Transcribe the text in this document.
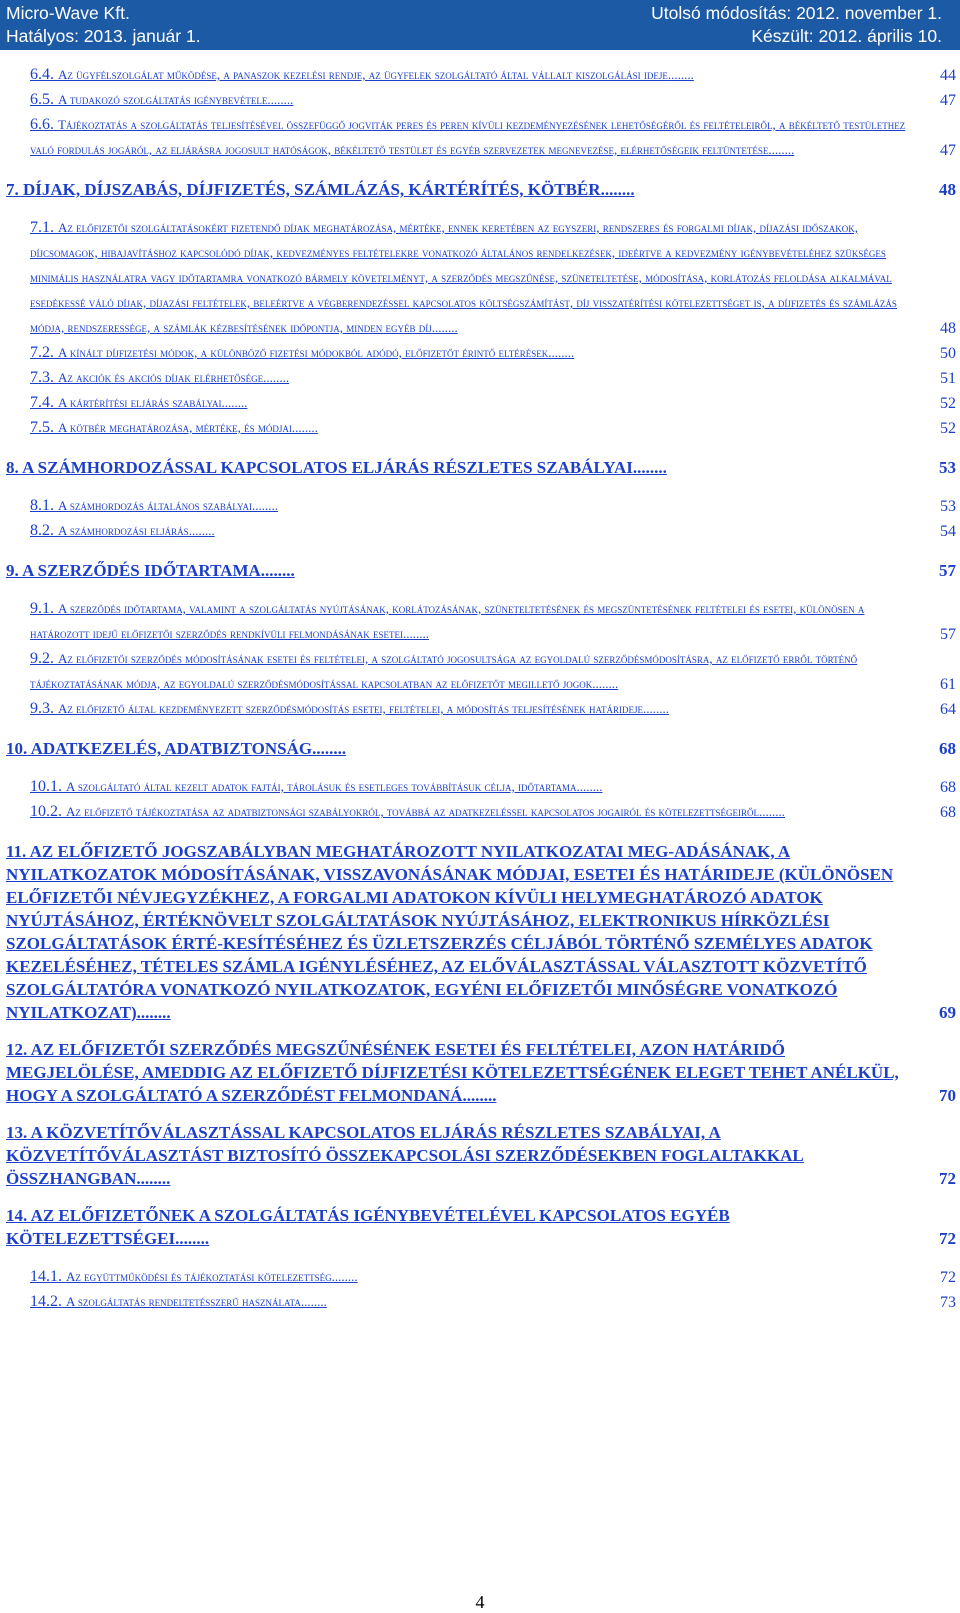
Micro-Wave Kft.
Hatályos: 2013. január 1.
Utolsó módosítás: 2012. november 1.
Készült: 2012. április 10.
6.4. Az ügyfélszolgálat működése, a panaszok kezelési rendje, az ügyfelek szolgáltató által vállalt kiszolgálási ideje........	44
6.5. A tudakozó szolgáltatás igénybevétele........	47
6.6. Tájékoztatás a szolgáltatás teljesítésével összefüggő jogviták peres és peren kívüli kezdeményezésének lehetőségéről és feltételeiről, a békéltető testülethez való fordulás jogáról, az eljárásra jogosult hatóságok, békéltető testület és egyéb szervezetek megnevezése, elérhetőségeik feltüntetése........	47
7. DÍJAK, DÍJSZABÁS, DÍJFIZETÉS, SZÁMLÁZÁS, KÁRTÉRÍTÉS, KÖTBÉR........	48
7.1. Az előfizetői szolgáltatásokért fizetendő díjak meghatározása, mértéke, ennek keretében az egyszeri, rendszeres és forgalmi díjak, díjazási időszakok, díjcsomagok, hibajavításhoz kapcsolódó díjak, kedvezményes feltételekre vonatkozó általános rendelkezések, ideértve a kedvezmény igénybevételéhez szükséges minimális használatra vagy időtartamra vonatkozó bármely követelményt, a szerződés megszűnése, szüneteltetése, módosítása, korlátozás feloldása alkalmával esedékessé váló díjak, díjazási feltételek, beleértve a végberendezéssel kapcsolatos költségszámítást, díj visszatérítési kötelezettséget is, a díjfizetés és számlázás módja, rendszeressége, a számlák kézbesítésének időpontja, minden egyéb díj........	48
7.2. A kínált díjfizetési módok, a különböző fizetési módokból adódó, előfizetőt érintő eltérések........	50
7.3. Az akciók és akciós díjak elérhetősége........	51
7.4. A kártérítési eljárás szabályai........	52
7.5. A kötbér meghatározása, mértéke, és módjai........	52
8. A SZÁMHORDOZÁSSAL KAPCSOLATOS ELJÁRÁS RÉSZLETES SZABÁLYAI........	53
8.1. A számhordozás általános szabályai........	53
8.2. A számhordozási eljárás........	54
9. A SZERZŐDÉS IDŐTARTAMA........	57
9.1. A szerződés időtartama, valamint a szolgáltatás nyújtásának, korlátozásának, szüneteltetésének és megszüntetésének feltételei és esetei, különösen a határozott idejű előfizetői szerződés rendkívüli felmondásának esetei........	57
9.2. Az előfizetői szerződés módosításának esetei és feltételei, a szolgáltató jogosultsága az egyoldalú szerződésmódosításra, az előfizető erről történő tájékoztatásának módja, az egyoldalú szerződésmódosítással kapcsolatban az előfizetőt megillető jogok........	61
9.3. Az előfizető által kezdeményezett szerződésmódosítás esetei, feltételei, a módosítás teljesítésének határideje........	64
10. ADATKEZELÉS, ADATBIZTONSÁG........	68
10.1. A szolgáltató által kezelt adatok fajtái, tárolásuk és esetleges továbbításuk célja, időtartama........	68
10.2. Az előfizető tájékoztatása az adatbiztonsági szabályokról, továbbá az adatkezeléssel kapcsolatos jogairól és kötelezettségeiről........	68
11. AZ ELŐFIZETŐ JOGSZABÁLYBAN MEGHATÁROZOTT NYILATKOZATAI MEG-ADÁSÁNAK, A NYILATKOZATOK MÓDOSÍTÁSÁNAK, VISSZAVONÁSÁNAK MÓDJAI, ESETEI ÉS HATÁRIDEJE (KÜLÖNÖSEN ELŐFIZETŐI NÉVJEGYZÉKHEZ, A FORGALMI ADATOKON KÍVÜLI HELYMEGHATÁROZÓ ADATOK NYÚJTÁSÁHOZ, ÉRTÉKNÖVELT SZOLGÁLTATÁSOK NYÚJTÁSÁHOZ, ELEKTRONIKUS HÍRKÖZLÉSI SZOLGÁLTATÁSOK ÉRTÉ-KESÍTÉSÉHEZ ÉS ÜZLETSZERZÉS CÉLJÁBÓL TÖRTÉNŐ SZEMÉLYES ADATOK KEZELÉSÉHEZ, TÉTELES SZÁMLA IGÉNYLÉSÉHEZ, AZ ELŐVÁLASZTÁSSAL VÁLASZTOTT KÖZVETÍTŐ SZOLGÁLTATÓRA VONATKOZÓ NYILATKOZATOK, EGYÉNI ELŐFIZETŐI MINŐSÉGRE VONATKOZÓ NYILATKOZAT)........	69
12. AZ ELŐFIZETŐI SZERZŐDÉS MEGSZŰNÉSÉNEK ESETEI ÉS FELTÉTELEI, AZON HATÁRIDŐ MEGJELÖLÉSE, AMEDDIG AZ ELŐFIZETŐ DÍJFIZETÉSI KÖTELEZETTSÉGÉNEK ELEGET TEHET ANÉLKÜL, HOGY A SZOLGÁLTATÓ A SZERZŐDÉST FELMONDANÁ........	70
13. A KÖZVETÍTŐVÁLASZTÁSSAL KAPCSOLATOS ELJÁRÁS RÉSZLETES SZABÁLYAI, A KÖZVETÍTŐVÁLASZTÁST BIZTOSÍTÓ ÖSSZEKAPCSOLÁSI SZERZŐDÉSEKBEN FOGLALTAKKAL ÖSSZHANGBAN........	72
14. AZ ELŐFIZETŐNEK A SZOLGÁLTATÁS IGÉNYBEVÉTELÉVEL KAPCSOLATOS EGYÉB KÖTELEZETTSÉGEI........	72
14.1. Az együttműködési és tájékoztatási kötelezettség........	72
14.2. A szolgáltatás rendeltetésszerű használata........	73
4
